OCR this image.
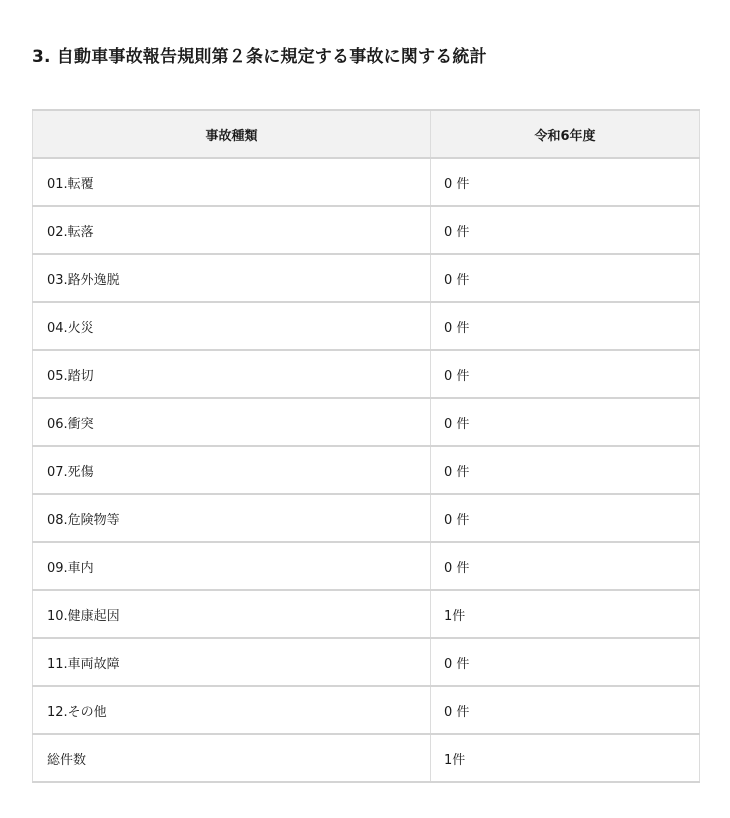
3. 自動車事故報告規則第２条に規定する事故に関する統計
事故種類	令和6年度
01.転覆	0 件
02.転落	0 件
03.路外逸脱	0 件
04.火災	0 件
05.踏切	0 件
06.衝突	0 件
07.死傷	0 件
08.危険物等	0 件
09.車内	0 件
10.健康起因	1件
11.車両故障	0 件
12.その他	0 件
総件数	1件
